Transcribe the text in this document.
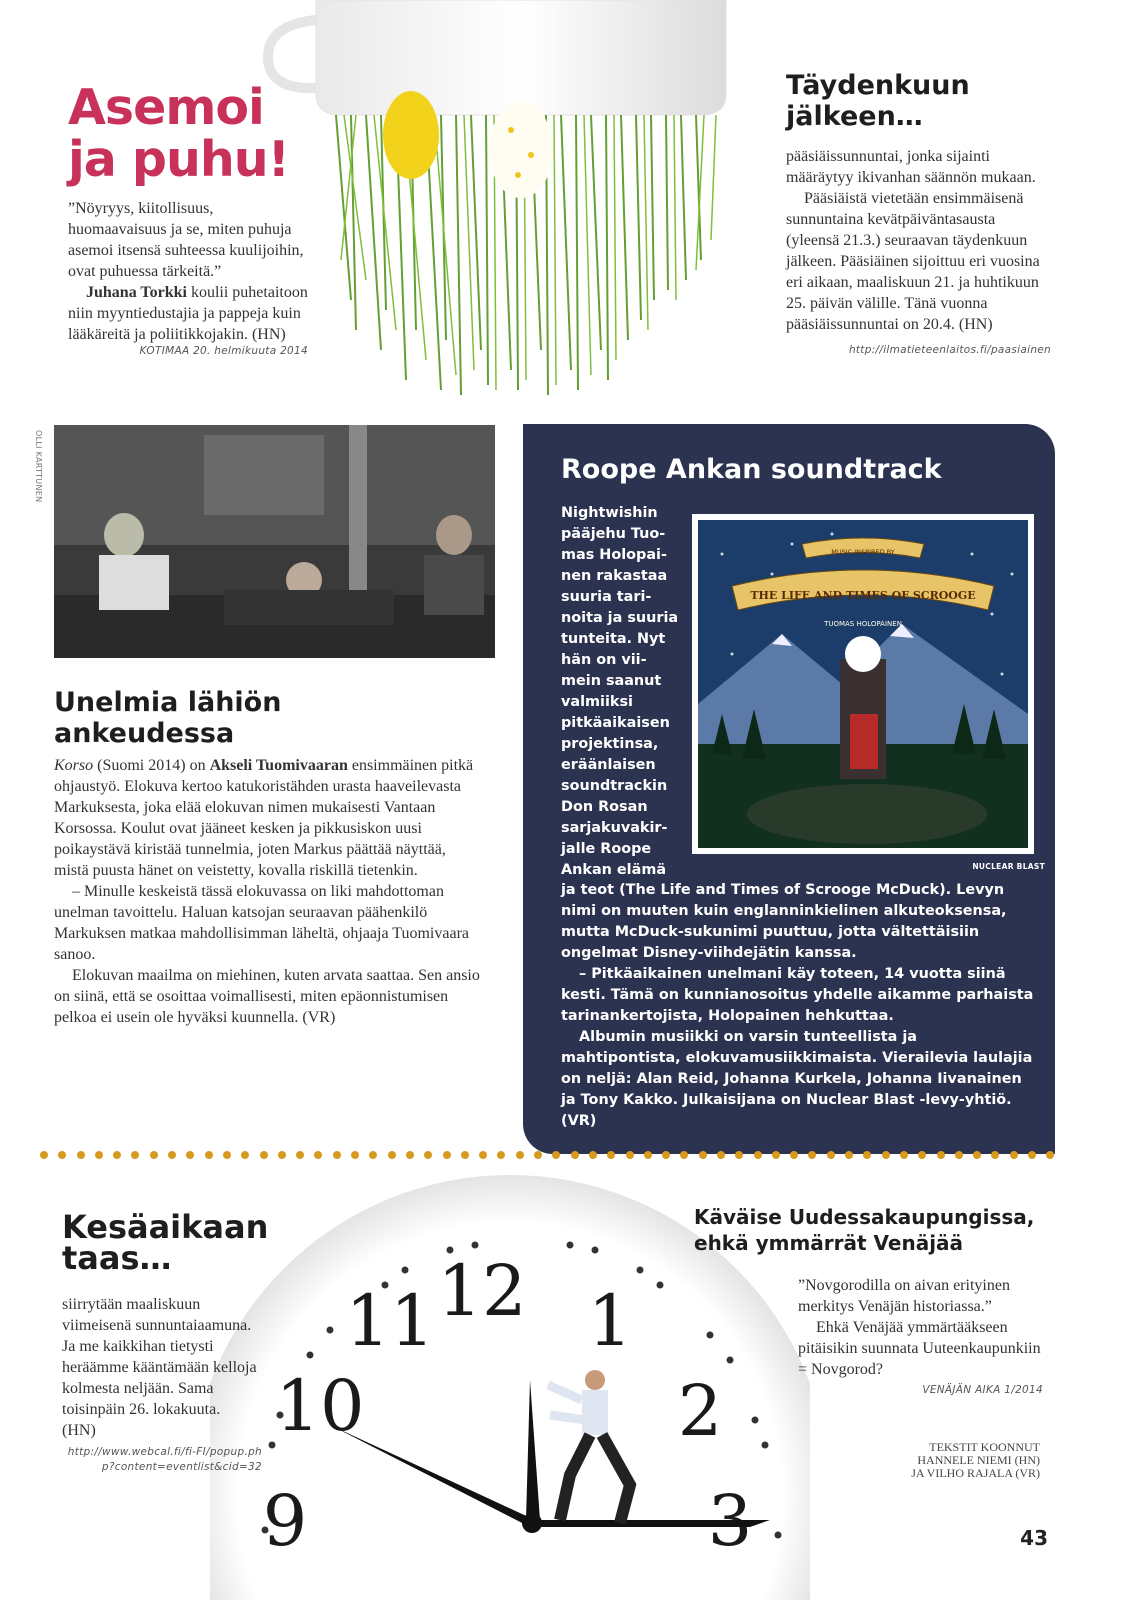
Asemoi
ja puhu!

”Nöyryys, kiitollisuus, huomaavaisuus ja se, miten puhuja asemoi itsensä suhteessa kuulijoihin, ovat puhuessa tärkeitä.”

Juhana Torkki koulii puhetaitoon niin myyntiedustajia ja pappeja kuin lääkäreitä ja poliitikkojakin. (HN)

KOTIMAA 20. helmikuuta 2014
Täydenkuun
jälkeen…

pääsiäissunnuntai, jonka sijainti määräytyy ikivanhan säännön mukaan.

Pääsiäistä vietetään ensimmäisenä sunnuntaina kevätpäiväntasausta (yleensä 21.3.) seuraavan täydenkuun jälkeen. Pääsiäinen sijoittuu eri vuosina eri aikaan, maaliskuun 21. ja huhtikuun 25. päivän välille. Tänä vuonna pääsiäissunnuntai on 20.4. (HN)

http://ilmatieteenlaitos.fi/paasiainen
OLLI KARTTUNEN
Unelmia lähiön
ankeudessa

Korso (Suomi 2014) on Akseli Tuomivaaran ensimmäinen pitkä ohjaustyö. Elokuva kertoo katukoristähden urasta haaveilevasta Markuksesta, joka elää elokuvan nimen mukaisesti Vantaan Korsossa. Koulut ovat jääneet kesken ja pikkusiskon uusi poikaystävä kiristää tunnelmia, joten Markus päättää näyttää, mistä puusta hänet on veistetty, kovalla riskillä tietenkin.

– Minulle keskeistä tässä elokuvassa on liki mahdottoman unelman tavoittelu. Haluan katsojan seuraavan päähenkilö Markuksen matkaa mahdollisimman läheltä, ohjaaja Tuomivaara sanoo.

Elokuvan maailma on miehinen, kuten arvata saattaa. Sen ansio on siinä, että se osoittaa voimallisesti, miten epäonnistumisen pelkoa ei usein ole hyväksi kuunnella. (VR)

Roope Ankan soundtrack
Nightwishin
pääjehu Tuo-
mas Holopai-
nen rakastaa
suuria tari-
noita ja suuria
tunteita. Nyt
hän on vii-
mein saanut
valmiiksi
pitkäaikaisen
projektinsa,
eräänlaisen
soundtrackin
Don Rosan
sarjakuvakir-
jalle Roope
Ankan elämä
THE LIFE AND TIMES OF SCROOGE
MUSIC INSPIRED BY
TUOMAS HOLOPAINEN
NUCLEAR BLAST

ja teot (The Life and Times of Scrooge McDuck). Levyn nimi on muuten kuin englanninkielinen alkuteoksensa, mutta McDuck-sukunimi puuttuu, jotta vältettäisiin ongelmat Disney-viihdejätin kanssa.

– Pitkäaikainen unelmani käy toteen, 14 vuotta siinä kesti. Tämä on kunnianosoitus yhdelle aikamme parhaista tarinankertojista, Holopainen hehkuttaa.

Albumin musiikki on varsin tunteellista ja mahtipontista, elokuvamusiikkimaista. Vierailevia laulajia on neljä: Alan Reid, Johanna Kurkela, Johanna Iivanainen ja Tony Kakko. Julkaisijana on Nuclear Blast -levy-yhtiö. (VR)

12 1
2
9
10
11
Kesäaikaan
taas…
siirrytään maaliskuun viimeisenä sunnuntaiaamuna. Ja me kaikkihan tietysti heräämme kääntämään kelloja kolmesta neljään. Sama toisinpäin 26. lokakuuta. (HN)
http://www.webcal.fi/fi-FI/popup.php?content=eventlist&cid=32
Käväise Uudessakaupungissa,
ehkä ymmärrät Venäjää

”Novgorodilla on aivan erityinen merkitys Venäjän historiassa.”

Ehkä Venäjää ymmärtääkseen pitäisikin suunnata Uuteenkaupunkiin = Novgorod?

VENÄJÄN AIKA 1/2014
TEKSTIT KOONNUT
HANNELE NIEMI (HN)
JA VILHO RAJALA (VR)
43
